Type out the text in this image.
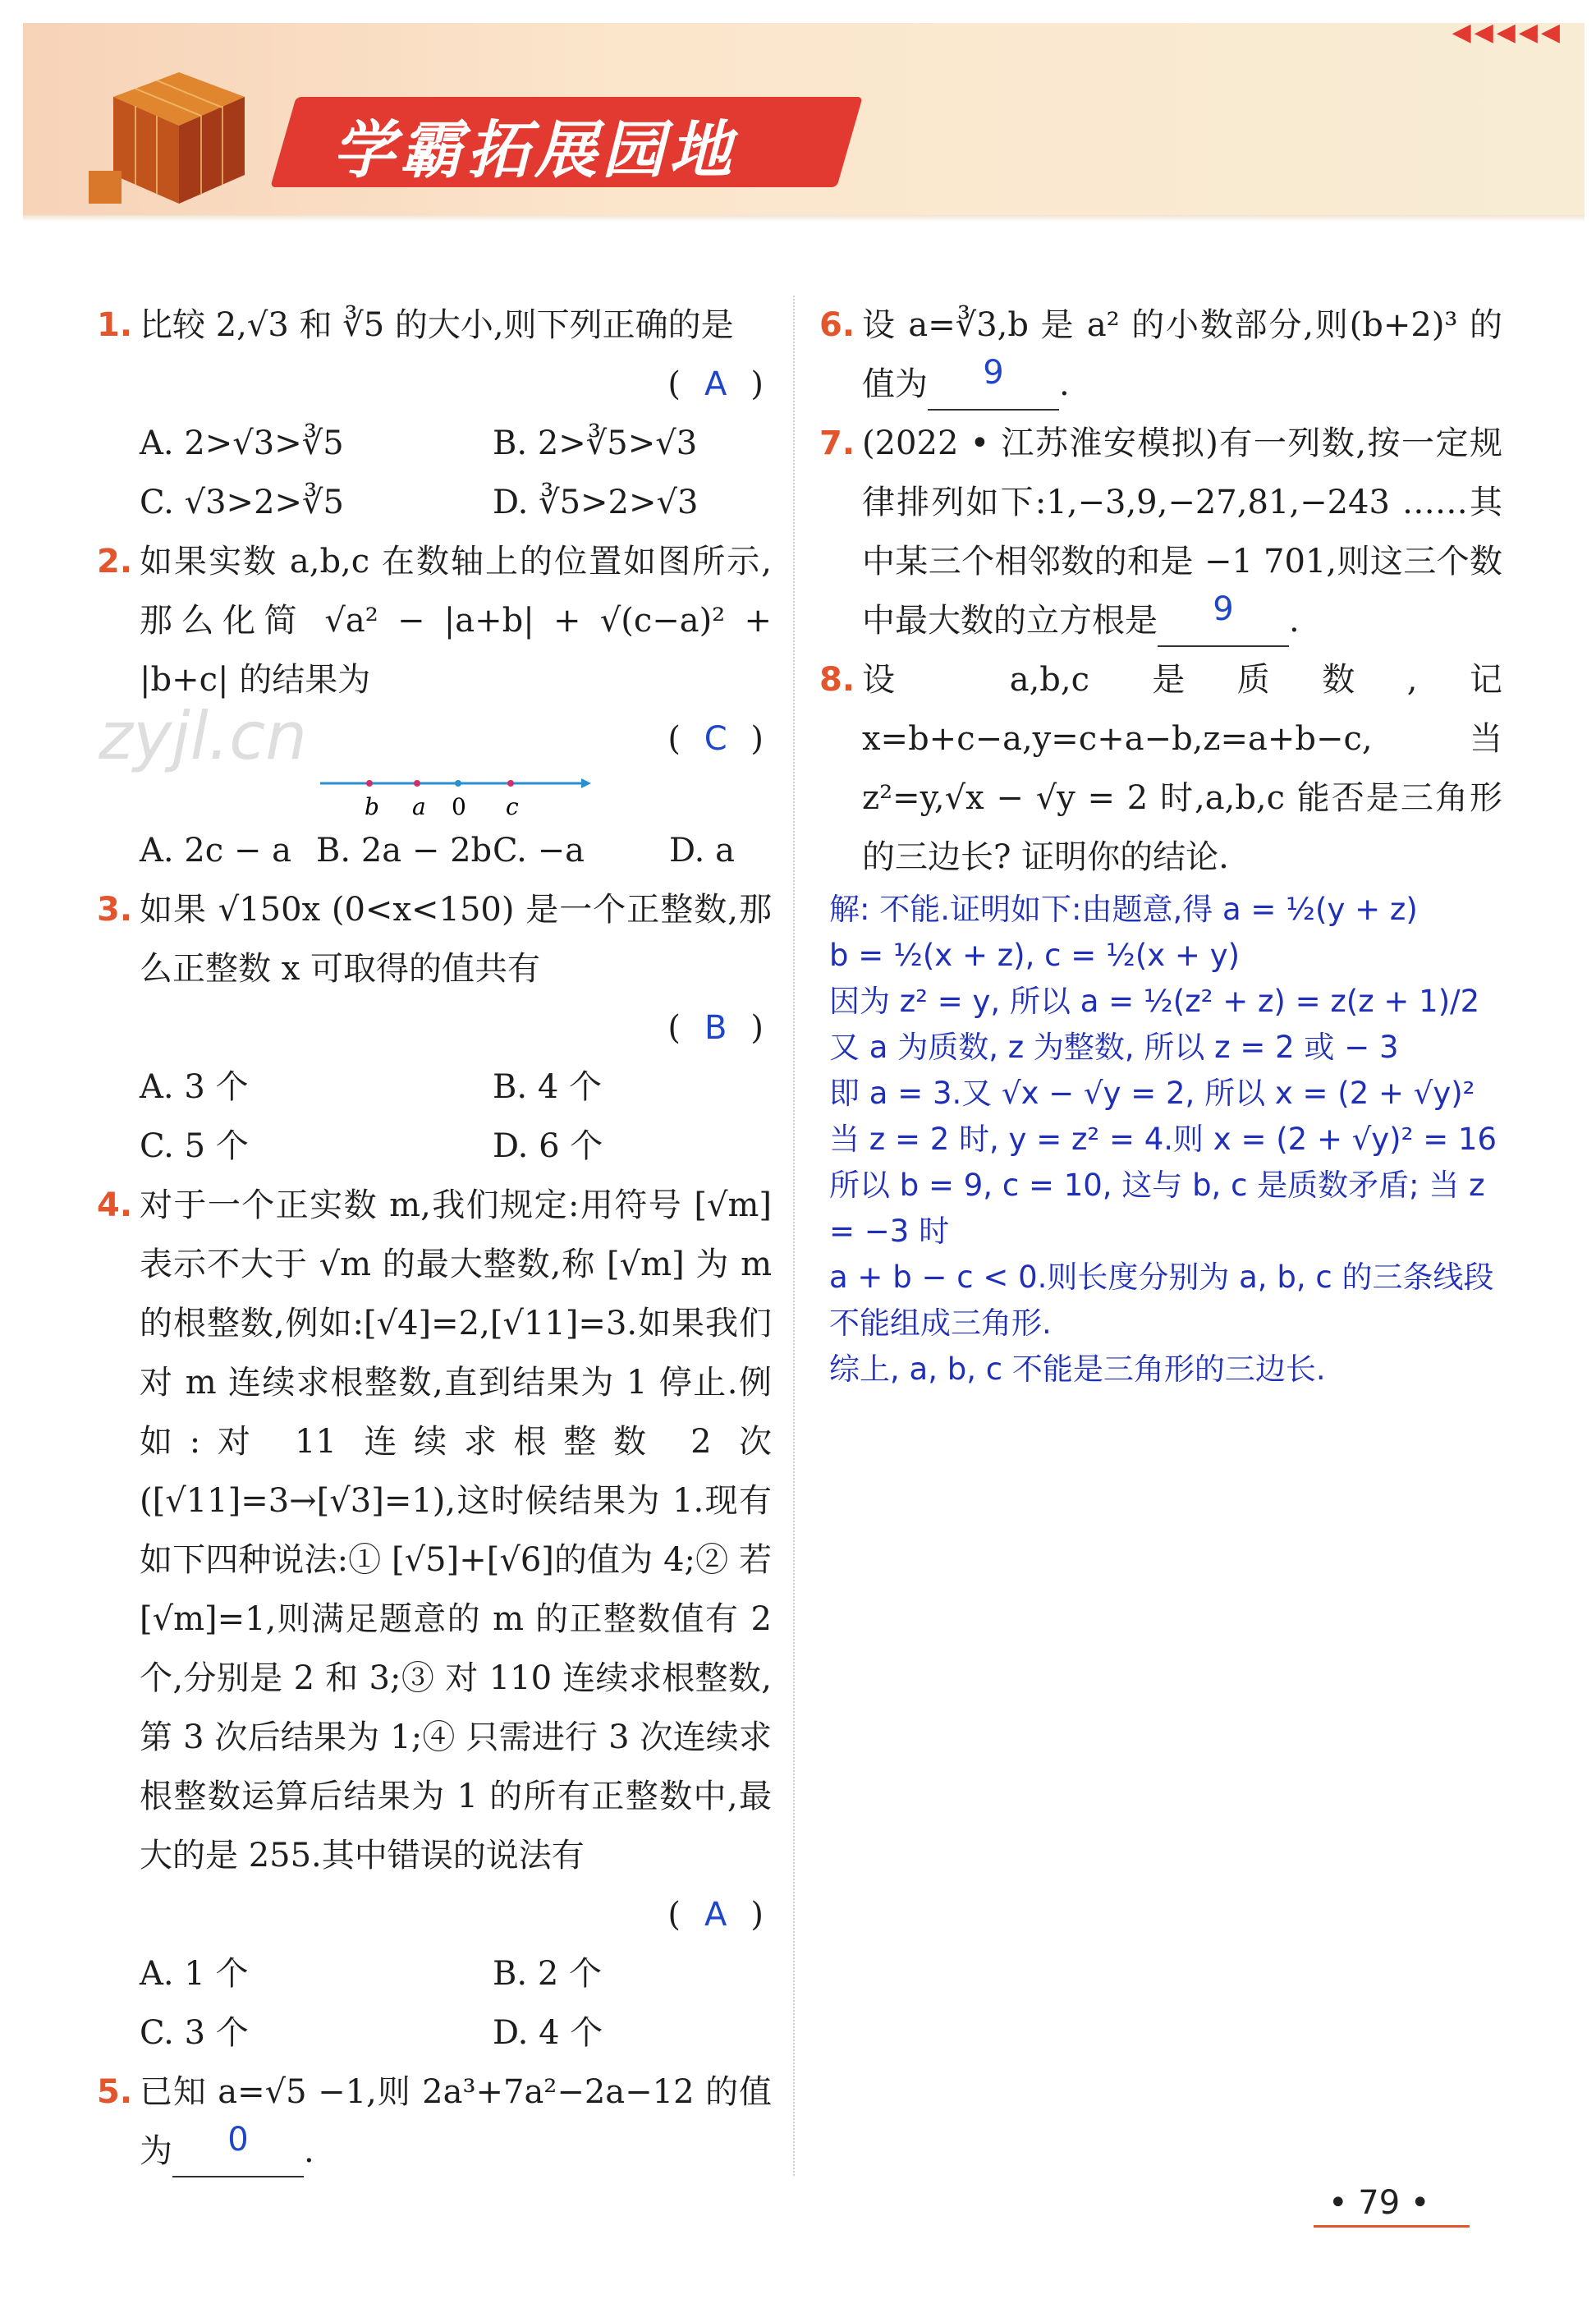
学霸拓展园地
◀◀◀◀◀
zyjl.cn
1. 比较 2,√3 和 ∛5 的大小,则下列正确的是
( A )
A. 2>√3>∛5	B. 2>∛5>√3
C. √3>2>∛5	D. ∛5>2>√3
2. 如果实数 a,b,c 在数轴上的位置如图所示,那么化简 √a² − |a+b| + √(c−a)² + |b+c| 的结果为
( C )
b a 0 c
A. 2c − a B. 2a − 2b C. −a	D. a
3. 如果 √150x (0<x<150) 是一个正整数,那么正整数 x 可取得的值共有
( B )
A. 3 个	B. 4 个
C. 5 个	D. 6 个
4. 对于一个正实数 m,我们规定:用符号 [√m] 表示不大于 √m 的最大整数,称 [√m] 为 m 的根整数,例如:[√4]=2,[√11]=3.如果我们对 m 连续求根整数,直到结果为 1 停止.例如:对 11 连续求根整数 2 次([√11]=3→[√3]=1),这时候结果为 1.现有如下四种说法:① [√5]+[√6]的值为 4;② 若[√m]=1,则满足题意的 m 的正整数值有 2 个,分别是 2 和 3;③ 对 110 连续求根整数,第 3 次后结果为 1;④ 只需进行 3 次连续求根整数运算后结果为 1 的所有正整数中,最大的是 255.其中错误的说法有
( A )
A. 1 个	B. 2 个
C. 3 个	D. 4 个
5. 已知 a=√5 −1,则 2a³+7a²−2a−12 的值为 0 .
6. 设 a=∛3,b 是 a² 的小数部分,则(b+2)³ 的值为 9 .
7. (2022 • 江苏淮安模拟)有一列数,按一定规律排列如下:1,−3,9,−27,81,−243 ……其中某三个相邻数的和是 −1 701,则这三个数中最大数的立方根是 9 .
8. 设 a,b,c 是质数,记 x=b+c−a,y=c+a−b,z=a+b−c,当 z²=y,√x − √y = 2 时,a,b,c 能否是三角形的三边长? 证明你的结论.
解: 不能.证明如下:由题意,得 a = ½(y + z)
b = ½(x + z), c = ½(x + y)
因为 z² = y, 所以 a = ½(z² + z) = z(z + 1)/2
又 a 为质数, z 为整数, 所以 z = 2 或 − 3
即 a = 3.又 √x − √y = 2, 所以 x = (2 + √y)²
当 z = 2 时, y = z² = 4.则 x = (2 + √y)² = 16
所以 b = 9, c = 10, 这与 b, c 是质数矛盾; 当 z = −3 时
a + b − c < 0.则长度分别为 a, b, c 的三条线段
不能组成三角形.
综上, a, b, c 不能是三角形的三边长.
• 79 •
